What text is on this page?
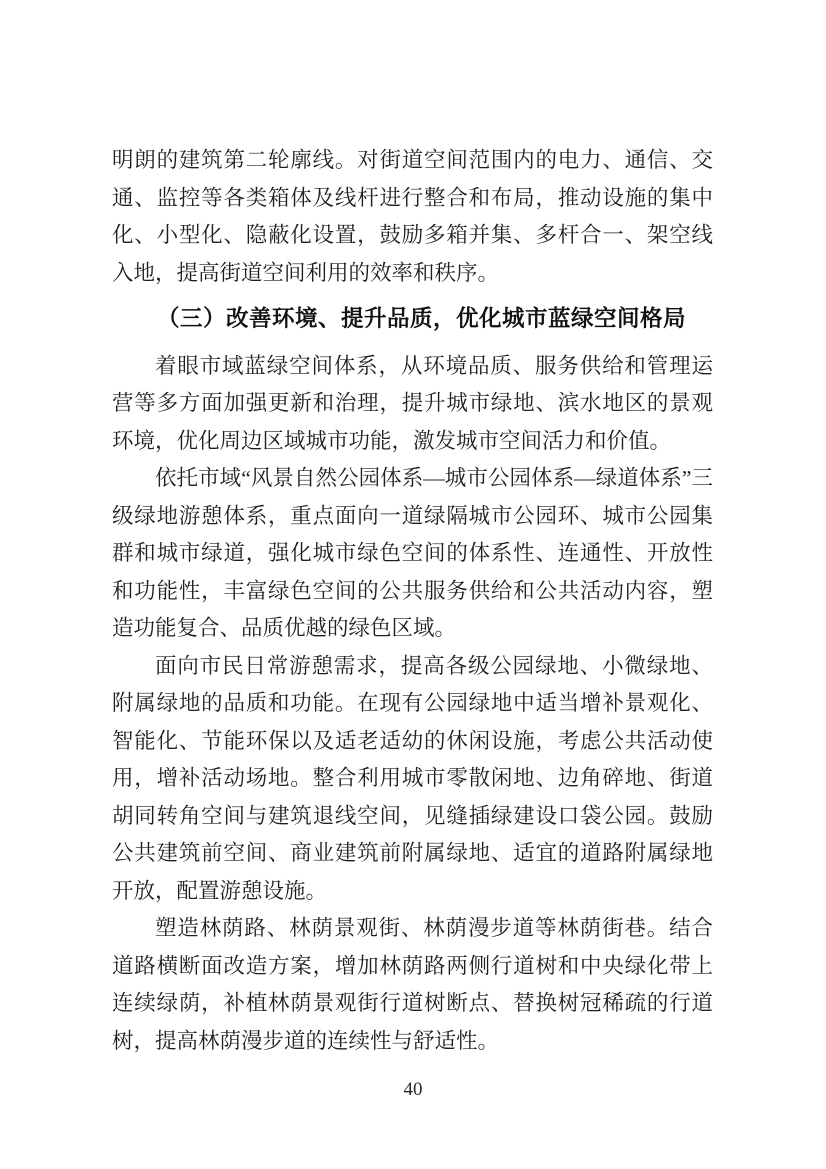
明朗的建筑第二轮廓线。对街道空间范围内的电力、通信、交通、监控等各类箱体及线杆进行整合和布局，推动设施的集中化、小型化、隐蔽化设置，鼓励多箱并集、多杆合一、架空线入地，提高街道空间利用的效率和秩序。

（三）改善环境、提升品质，优化城市蓝绿空间格局

着眼市域蓝绿空间体系，从环境品质、服务供给和管理运营等多方面加强更新和治理，提升城市绿地、滨水地区的景观环境，优化周边区域城市功能，激发城市空间活力和价值。

依托市域“风景自然公园体系—城市公园体系—绿道体系”三级绿地游憩体系，重点面向一道绿隔城市公园环、城市公园集群和城市绿道，强化城市绿色空间的体系性、连通性、开放性和功能性，丰富绿色空间的公共服务供给和公共活动内容，塑造功能复合、品质优越的绿色区域。

面向市民日常游憩需求，提高各级公园绿地、小微绿地、附属绿地的品质和功能。在现有公园绿地中适当增补景观化、智能化、节能环保以及适老适幼的休闲设施，考虑公共活动使用，增补活动场地。整合利用城市零散闲地、边角碎地、街道胡同转角空间与建筑退线空间，见缝插绿建设口袋公园。鼓励公共建筑前空间、商业建筑前附属绿地、适宜的道路附属绿地开放，配置游憩设施。

塑造林荫路、林荫景观街、林荫漫步道等林荫街巷。结合道路横断面改造方案，增加林荫路两侧行道树和中央绿化带上连续绿荫，补植林荫景观街行道树断点、替换树冠稀疏的行道树，提高林荫漫步道的连续性与舒适性。

40
